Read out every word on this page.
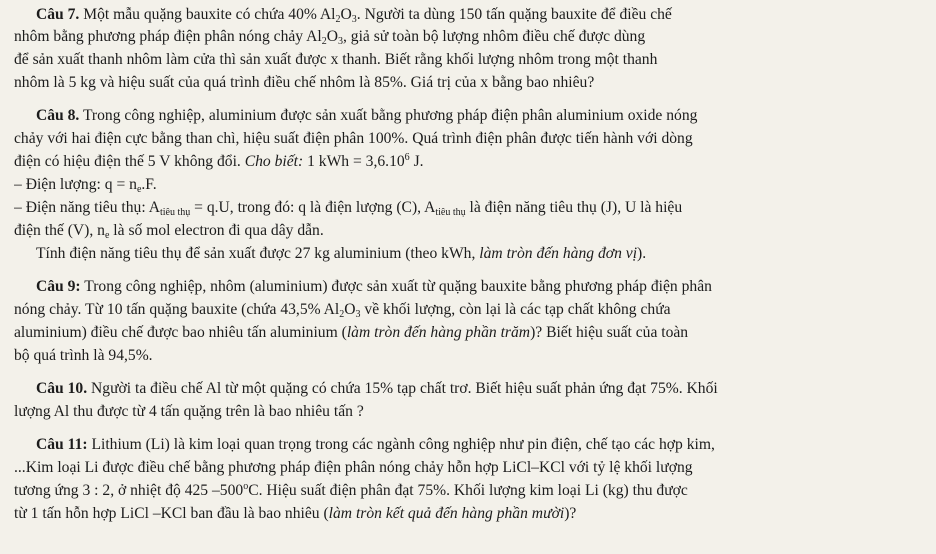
Câu 7. Một mẫu quặng bauxite có chứa 40% $Al_2O_3$. Người ta dùng 150 tấn quặng bauxite để điều chế
nhôm bằng phương pháp điện phân nóng chảy $Al_2O_3$, giả sử toàn bộ lượng nhôm điều chế được dùng
để sản xuất thanh nhôm làm cửa thì sản xuất được x thanh. Biết rằng khối lượng nhôm trong một thanh
nhôm là 5 kg và hiệu suất của quá trình điều chế nhôm là 85%. Giá trị của x bằng bao nhiêu?
Câu 8. Trong công nghiệp, aluminium được sản xuất bằng phương pháp điện phân aluminium oxide nóng
chảy với hai điện cực bằng than chì, hiệu suất điện phân 100%. Quá trình điện phân được tiến hành với dòng
điện có hiệu điện thế 5 V không đổi. Cho biết: 1 kWh = $3,6.10^6$ J.
– Điện lượng: $q = n_e.F$.
– Điện năng tiêu thụ: $A_{tiêu thụ} = q.U$, trong đó: q là điện lượng (C), $A_{tiêu thụ}$ là điện năng tiêu thụ (J), U là hiệu
điện thế (V), $n_e$ là số mol electron đi qua dây dẫn.
Tính điện năng tiêu thụ để sản xuất được 27 kg aluminium (theo kWh, làm tròn đến hàng đơn vị).
Câu 9: Trong công nghiệp, nhôm (aluminium) được sản xuất từ quặng bauxite bằng phương pháp điện phân
nóng chảy. Từ 10 tấn quặng bauxite (chứa 43,5% $Al_2O_3$ về khối lượng, còn lại là các tạp chất không chứa
aluminium) điều chế được bao nhiêu tấn aluminium (làm tròn đến hàng phần trăm)? Biết hiệu suất của toàn
bộ quá trình là 94,5%.
Câu 10. Người ta điều chế Al từ một quặng có chứa 15% tạp chất trơ. Biết hiệu suất phản ứng đạt 75%. Khối
lượng Al thu được từ 4 tấn quặng trên là bao nhiêu tấn ?
Câu 11: Lithium (Li) là kim loại quan trọng trong các ngành công nghiệp như pin điện, chế tạo các hợp kim,
...Kim loại Li được điều chế bằng phương pháp điện phân nóng chảy hỗn hợp LiCl–KCl với tỷ lệ khối lượng
tương ứng 3 : 2, ở nhiệt độ 425 –500$^o$C. Hiệu suất điện phân đạt 75%. Khối lượng kim loại Li (kg) thu được
từ 1 tấn hỗn hợp LiCl –KCl ban đầu là bao nhiêu (làm tròn kết quả đến hàng phần mười)?
